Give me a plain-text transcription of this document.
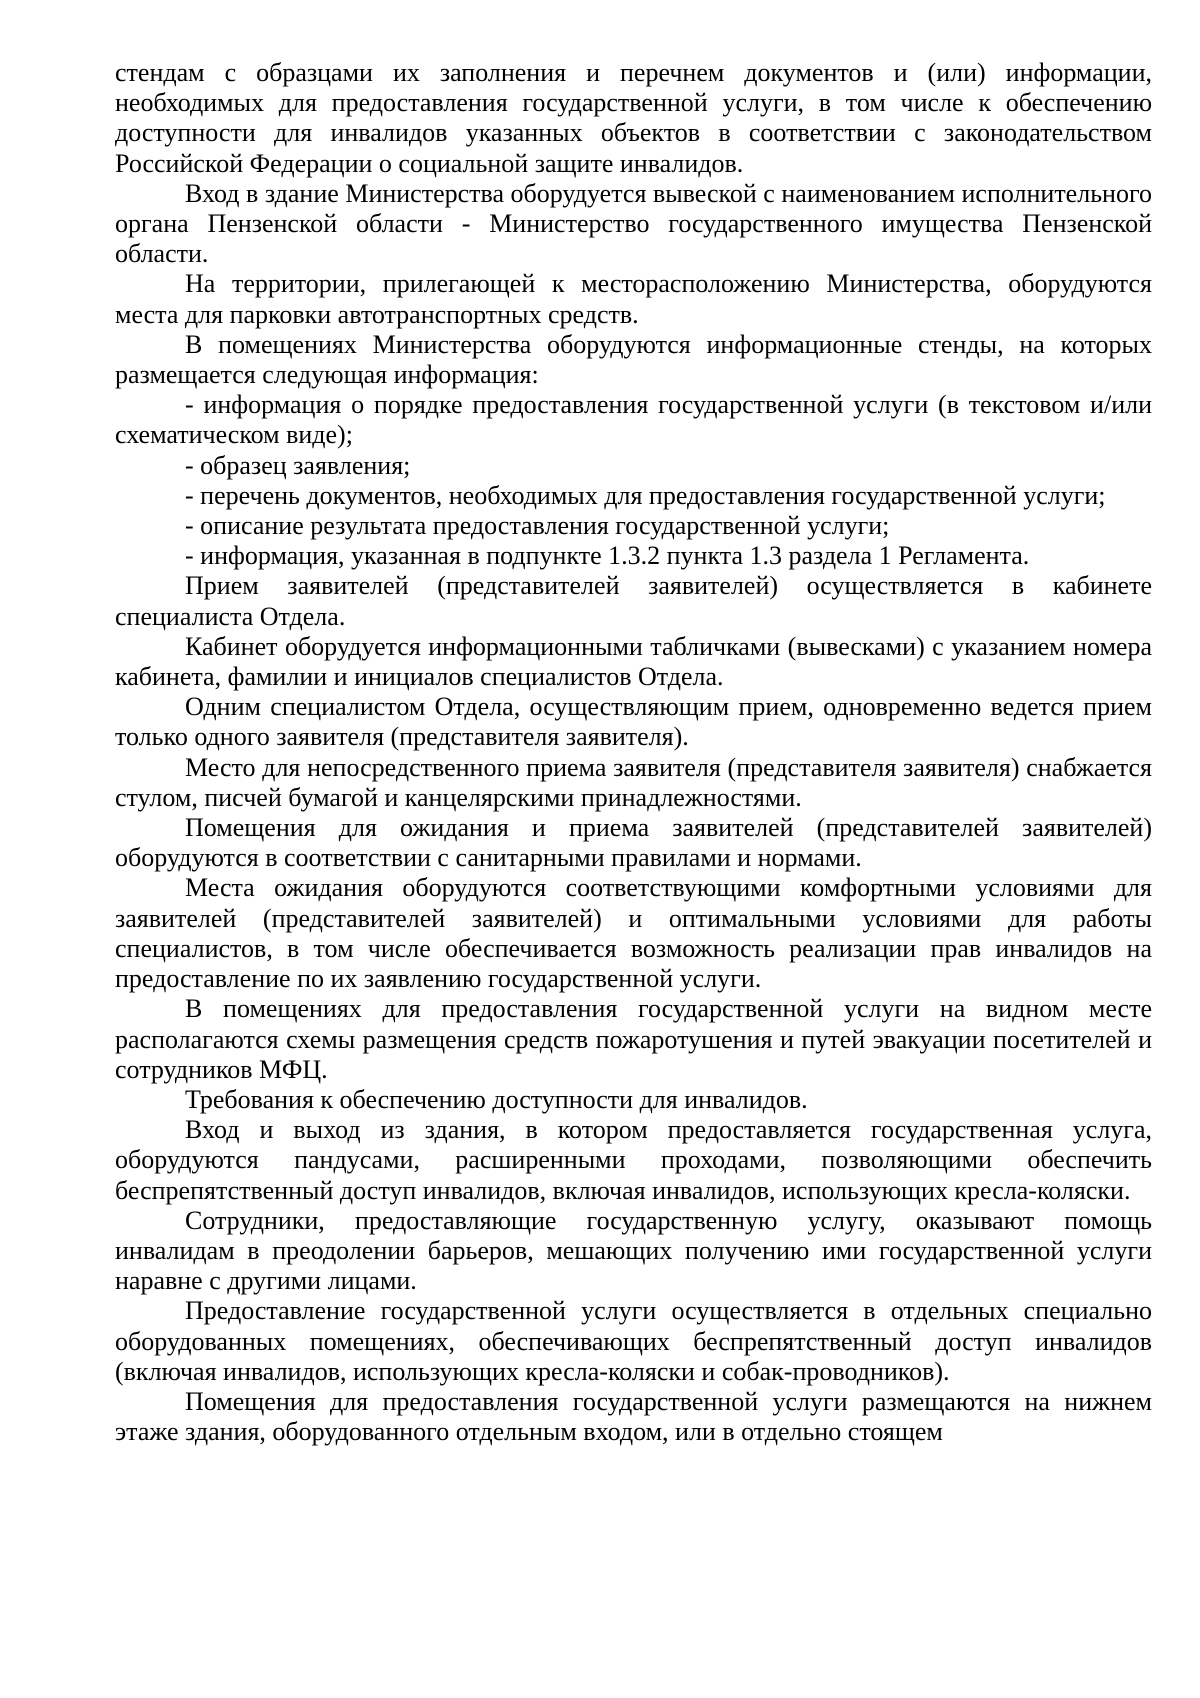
стендам с образцами их заполнения и перечнем документов и (или) информации, необходимых для предоставления государственной услуги, в том числе к обеспечению доступности для инвалидов указанных объектов в соответствии с законодательством Российской Федерации о социальной защите инвалидов.

Вход в здание Министерства оборудуется вывеской с наименованием исполнительного органа Пензенской области - Министерство государственного имущества Пензенской области.

На территории, прилегающей к месторасположению Министерства, оборудуются места для парковки автотранспортных средств.

В помещениях Министерства оборудуются информационные стенды, на которых размещается следующая информация:

- информация о порядке предоставления государственной услуги (в текстовом и/или схематическом виде);

- образец заявления;

- перечень документов, необходимых для предоставления государственной услуги;

- описание результата предоставления государственной услуги;

- информация, указанная в подпункте 1.3.2 пункта 1.3 раздела 1 Регламента.

Прием заявителей (представителей заявителей) осуществляется в кабинете специалиста Отдела.

Кабинет оборудуется информационными табличками (вывесками) с указанием номера кабинета, фамилии и инициалов специалистов Отдела.

Одним специалистом Отдела, осуществляющим прием, одновременно ведется прием только одного заявителя (представителя заявителя).

Место для непосредственного приема заявителя (представителя заявителя) снабжается стулом, писчей бумагой и канцелярскими принадлежностями.

Помещения для ожидания и приема заявителей (представителей заявителей) оборудуются в соответствии с санитарными правилами и нормами.

Места ожидания оборудуются соответствующими комфортными условиями для заявителей (представителей заявителей) и оптимальными условиями для работы специалистов, в том числе обеспечивается возможность реализации прав инвалидов на предоставление по их заявлению государственной услуги.

В помещениях для предоставления государственной услуги на видном месте располагаются схемы размещения средств пожаротушения и путей эвакуации посетителей и сотрудников МФЦ.

Требования к обеспечению доступности для инвалидов.

Вход и выход из здания, в котором предоставляется государственная услуга, оборудуются пандусами, расширенными проходами, позволяющими обеспечить беспрепятственный доступ инвалидов, включая инвалидов, использующих кресла-коляски.

Сотрудники, предоставляющие государственную услугу, оказывают помощь инвалидам в преодолении барьеров, мешающих получению ими государственной услуги наравне с другими лицами.

Предоставление государственной услуги осуществляется в отдельных специально оборудованных помещениях, обеспечивающих беспрепятственный доступ инвалидов (включая инвалидов, использующих кресла-коляски и собак-проводников).

Помещения для предоставления государственной услуги размещаются на нижнем этаже здания, оборудованного отдельным входом, или в отдельно стоящем
